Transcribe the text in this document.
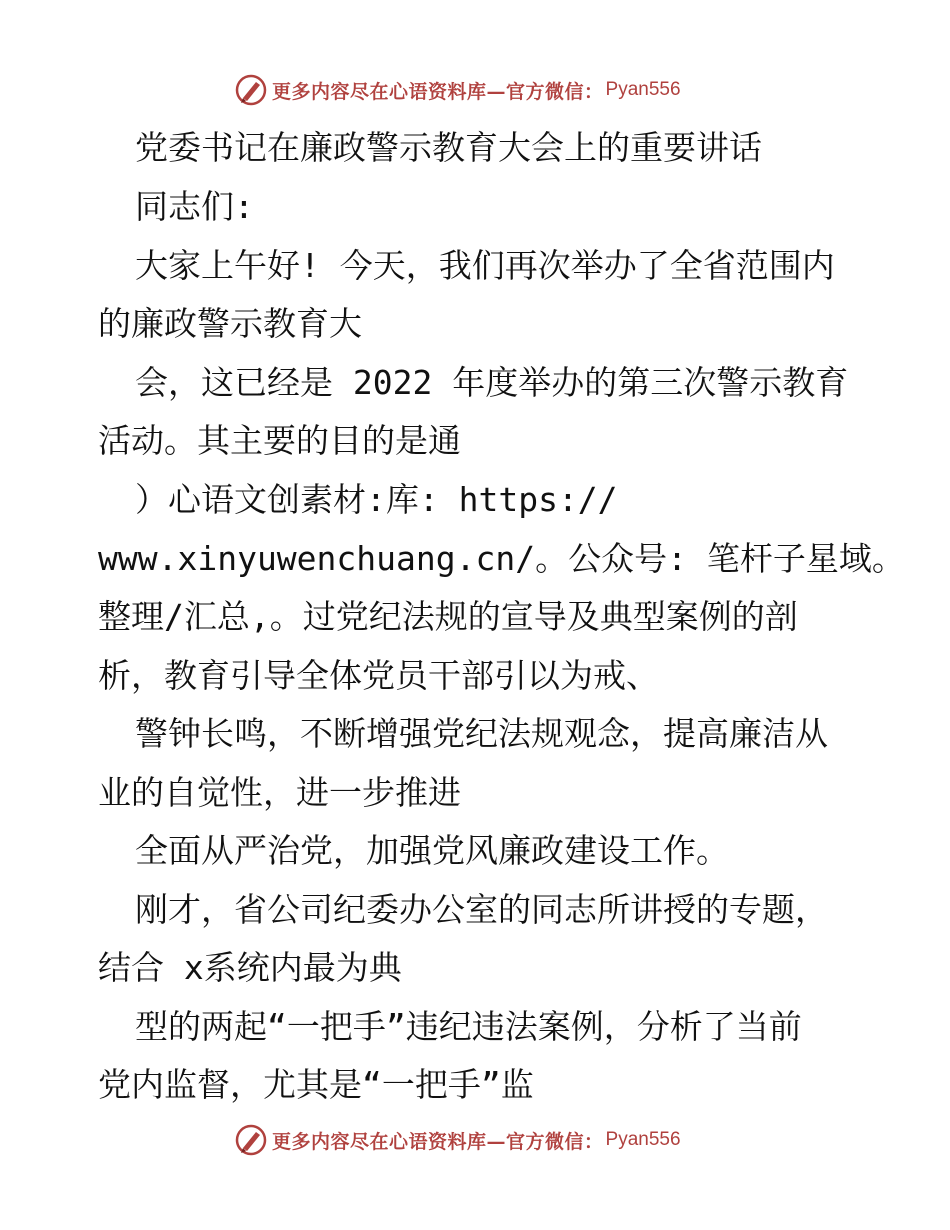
更多内容尽在心语资料库—官方微信： Pyan556

党委书记在廉政警示教育大会上的重要讲话

同志们:

大家上午好! 今天，我们再次举办了全省范围内

的廉政警示教育大

会，这已经是 2022 年度举办的第三次警示教育

活动。其主要的目的是通

）心语文创素材:库: https://

www.xinyuwenchuang.cn/。公众号: 笔杆子星域。

整理/汇总,。过党纪法规的宣导及典型案例的剖

析，教育引导全体党员干部引以为戒、

警钟长鸣，不断增强党纪法规观念，提高廉洁从

业的自觉性，进一步推进

全面从严治党，加强党风廉政建设工作。

刚才，省公司纪委办公室的同志所讲授的专题，

结合 x系统内最为典

型的两起“一把手”违纪违法案例，分析了当前

党内监督，尤其是“一把手”监

更多内容尽在心语资料库—官方微信： Pyan556
